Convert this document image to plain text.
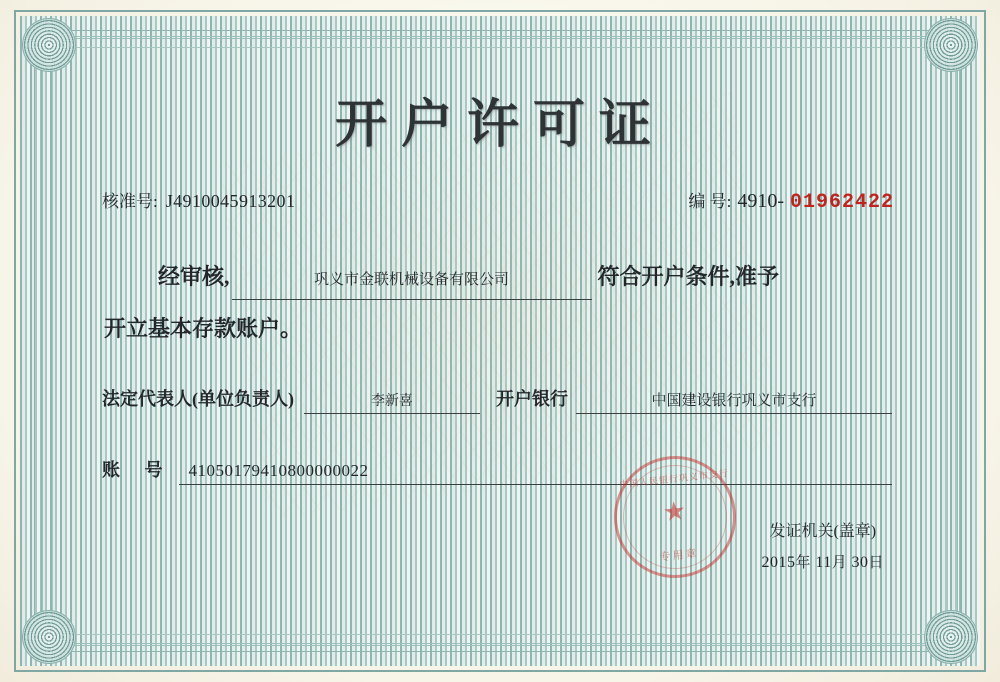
开户许可证
核准号: J4910045913201	编 号: 4910- 01962422
经审核,	巩义市金联机械设备有限公司	符合开户条件,准予
开立基本存款账户。
法定代表人(单位负责人)	李新喜	开户银行	中国建设银行巩义市支行
账 号 41050179410800000022	中国人民银行巩义市支行
★
专用章
发证机关(盖章)
2015年 11月 30日
